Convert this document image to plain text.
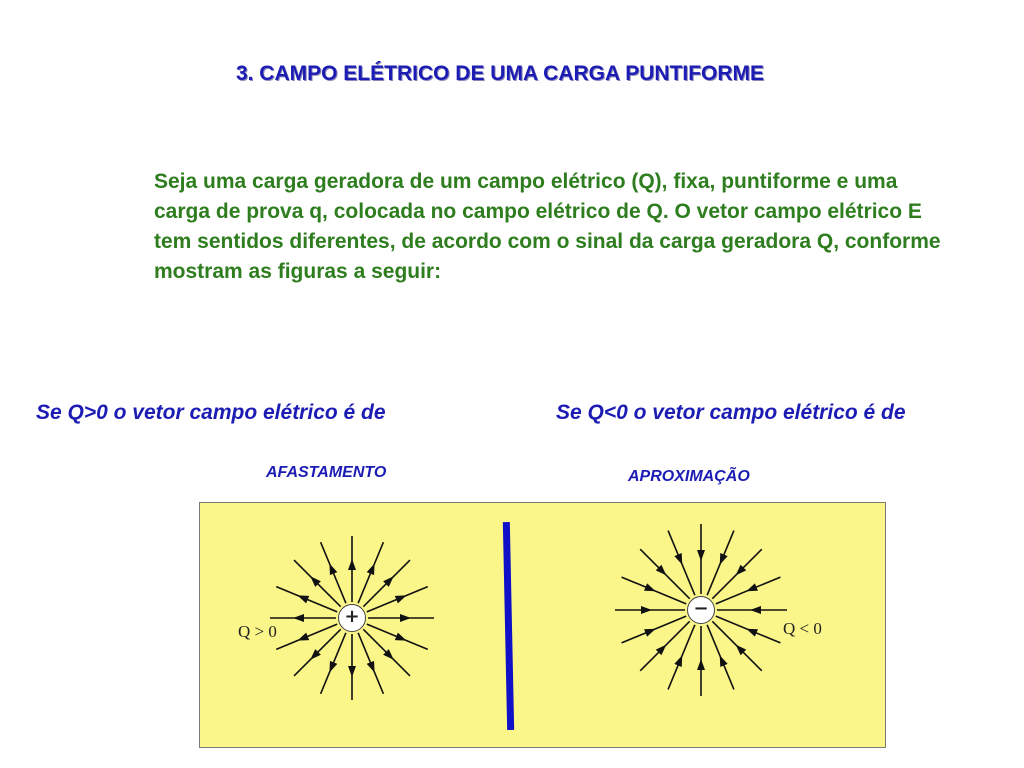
3. CAMPO ELÉTRICO DE UMA CARGA PUNTIFORME
Seja uma carga geradora de um campo elétrico (Q), fixa, puntiforme e uma carga de prova q, colocada no campo elétrico de Q. O vetor campo elétrico E tem sentidos diferentes, de acordo com o sinal da carga geradora Q, conforme mostram as figuras a seguir:
Se Q>0 o vetor campo elétrico é de	Se Q<0 o vetor campo elétrico é de
AFASTAMENTO	APROXIMAÇÃO
Q > 0	Q < 0
+	−
